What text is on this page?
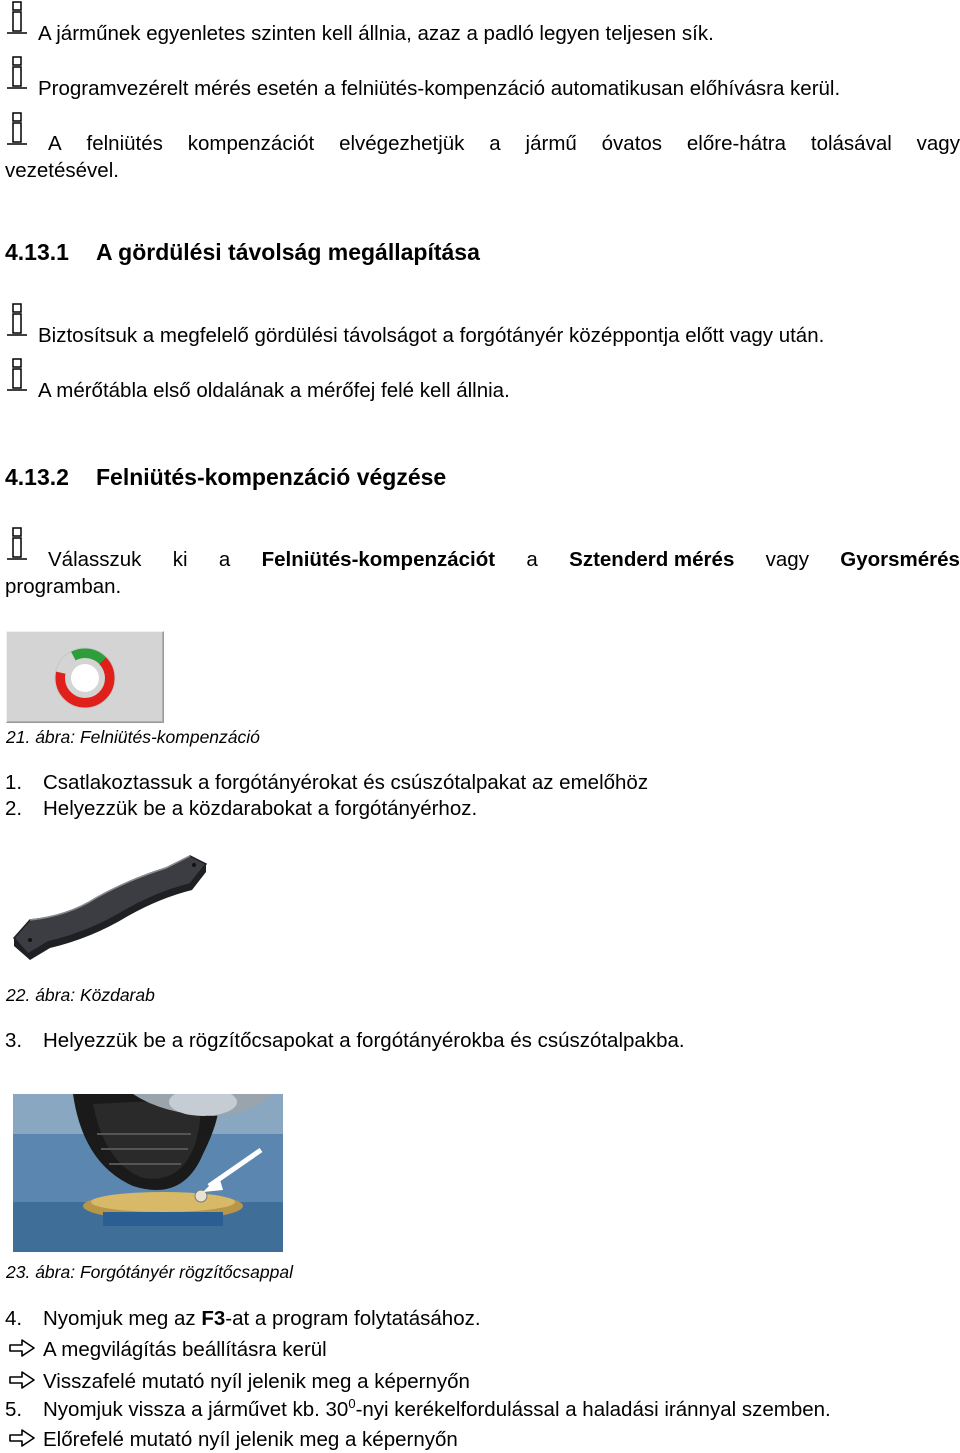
A járműnek egyenletes szinten kell állnia, azaz a padló legyen teljesen sík.
Programvezérelt mérés esetén a felniütés-kompenzáció automatikusan előhívásra kerül.
A felniütés kompenzációt elvégezhetjük a jármű óvatos előre-hátra tolásával vagy
vezetésével.
4.13.1 A gördülési távolság megállapítása
Biztosítsuk a megfelelő gördülési távolságot a forgótányér középpontja előtt vagy után.
A mérőtábla első oldalának a mérőfej felé kell állnia.
4.13.2 Felniütés-kompenzáció végzése
Válasszuk ki a Felniütés-kompenzációt a Sztenderd mérés vagy Gyorsmérés
programban.
21. ábra: Felniütés-kompenzáció
1. Csatlakoztassuk a forgótányérokat és csúszótalpakat az emelőhöz
2. Helyezzük be a közdarabokat a forgótányérhoz.
22. ábra: Közdarab
3. Helyezzük be a rögzítőcsapokat a forgótányérokba és csúszótalpakba.
23. ábra: Forgótányér rögzítőcsappal
4. Nyomjuk meg az F3-at a program folytatásához.
A megvilágítás beállításra kerül
Visszafelé mutató nyíl jelenik meg a képernyőn
5. Nyomjuk vissza a járművet kb. $30^0$-nyi kerékelfordulással a haladási iránnyal szemben.
Előrefelé mutató nyíl jelenik meg a képernyőn
